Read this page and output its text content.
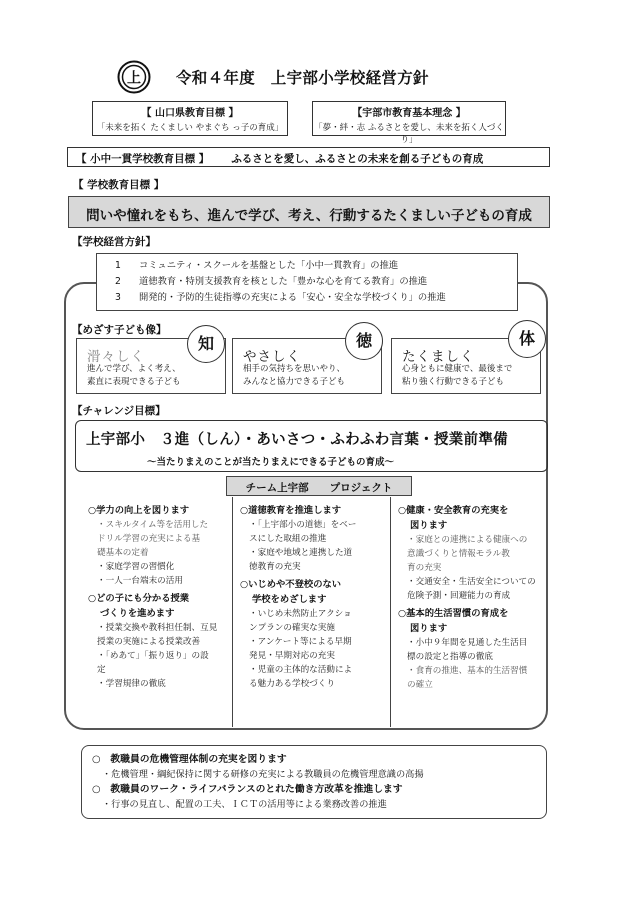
上 令和４年度　上宇部小学校経営方針
【 山口県教育目標 】
「未来を拓く たくましい やまぐち っ子の育成」
【宇部市教育基本理念 】
「夢・絆・志 ふるさとを愛し、未来を拓く人づくり」
【 小中一貫学校教育目標 】 ふるさとを愛し、ふるさとの未来を創る子どもの育成
【 学校教育目標 】
問いや憧れをもち、進んで学び、考え、行動するたくましい子どもの育成
【学校経営方針】
1 コミュニティ・スクールを基盤とした「小中一貫教育」の推進
2 道徳教育・特別支援教育を核とした「豊かな心を育てる教育」の推進
3 開発的・予防的生徒指導の充実による「安心・安全な学校づくり」の推進
【めざす子ども像】
滑々しく
進んで学び、よく考え、
素直に表現できる子ども
やさしく
相手の気持ちを思いやり、
みんなと協力できる子ども
たくましく
心身ともに健康で、最後まで
粘り強く行動できる子ども
知	徳	体
【チャレンジ目標】
上宇部小　３進（しん）・あいさつ・ふわふわ言葉・授業前準備
～当たりまえのことが当たりまえにできる子どもの育成～
○学力の向上を図ります
・スキルタイム等を活用した
ドリル学習の充実による基
礎基本の定着
・家庭学習の習慣化
・一人一台端末の活用
○どの子にも分かる授業
づくりを進めます
・授業交換や教科担任制、互見
授業の実施による授業改善
・「めあて」「振り返り」の設
定
・学習規律の徹底
○道徳教育を推進します
・「上宇部小の道徳」をベー
スにした取組の推進
・家庭や地域と連携した道
徳教育の充実
○いじめや不登校のない
学校をめざします
・いじめ未然防止アクショ
ンプランの確実な実施
・アンケート等による早期
発見・早期対応の充実
・児童の主体的な活動によ
る魅力ある学校づくり
○健康・安全教育の充実を
図ります
・家庭との連携による健康への
意識づくりと情報モラル教
育の充実
・交通安全・生活安全についての
危険予測・回避能力の育成
○基本的生活習慣の育成を
図ります
・小中９年間を見通した生活目
標の設定と指導の徹底
・食育の推進、基本的生活習慣
の確立
チーム上宇部　　プロジェクト
○　教職員の危機管理体制の充実を図ります
・危機管理・綱紀保持に関する研修の充実による教職員の危機管理意識の高揚
○　教職員のワーク・ライフバランスのとれた働き方改革を推進します
・行事の見直し、配置の工夫、ＩＣＴの活用等による業務改善の推進
